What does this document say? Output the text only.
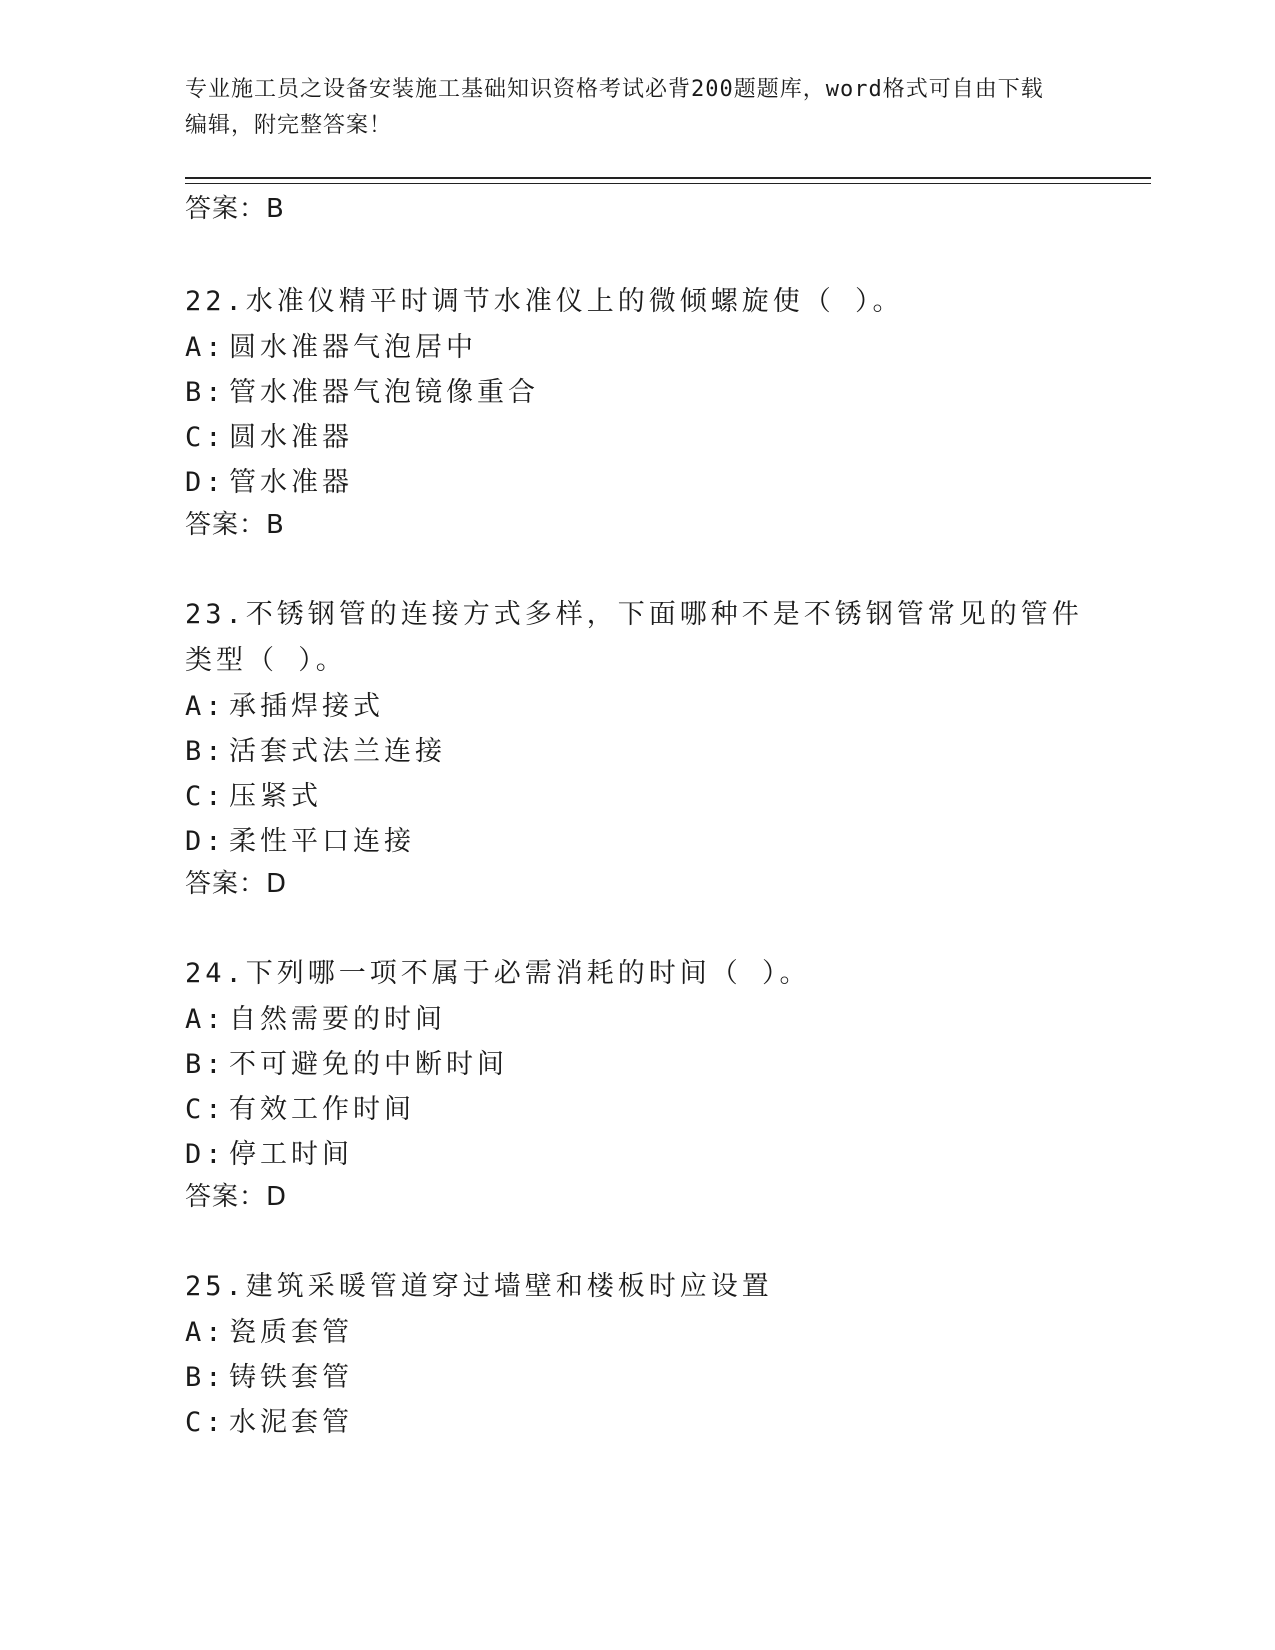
专业施工员之设备安装施工基础知识资格考试必背200题题库，word格式可自由下载编辑，附完整答案！
答案：B
22.水准仪精平时调节水准仪上的微倾螺旋使（ ）。
A: 圆水准器气泡居中
B: 管水准器气泡镜像重合
C: 圆水准器
D: 管水准器
答案：B
23.不锈钢管的连接方式多样，下面哪种不是不锈钢管常见的管件类型（ ）。
A: 承插焊接式
B: 活套式法兰连接
C: 压紧式
D: 柔性平口连接
答案：D
24.下列哪一项不属于必需消耗的时间（ ）。
A: 自然需要的时间
B: 不可避免的中断时间
C: 有效工作时间
D: 停工时间
答案：D
25.建筑采暖管道穿过墙壁和楼板时应设置
A: 瓷质套管
B: 铸铁套管
C: 水泥套管
